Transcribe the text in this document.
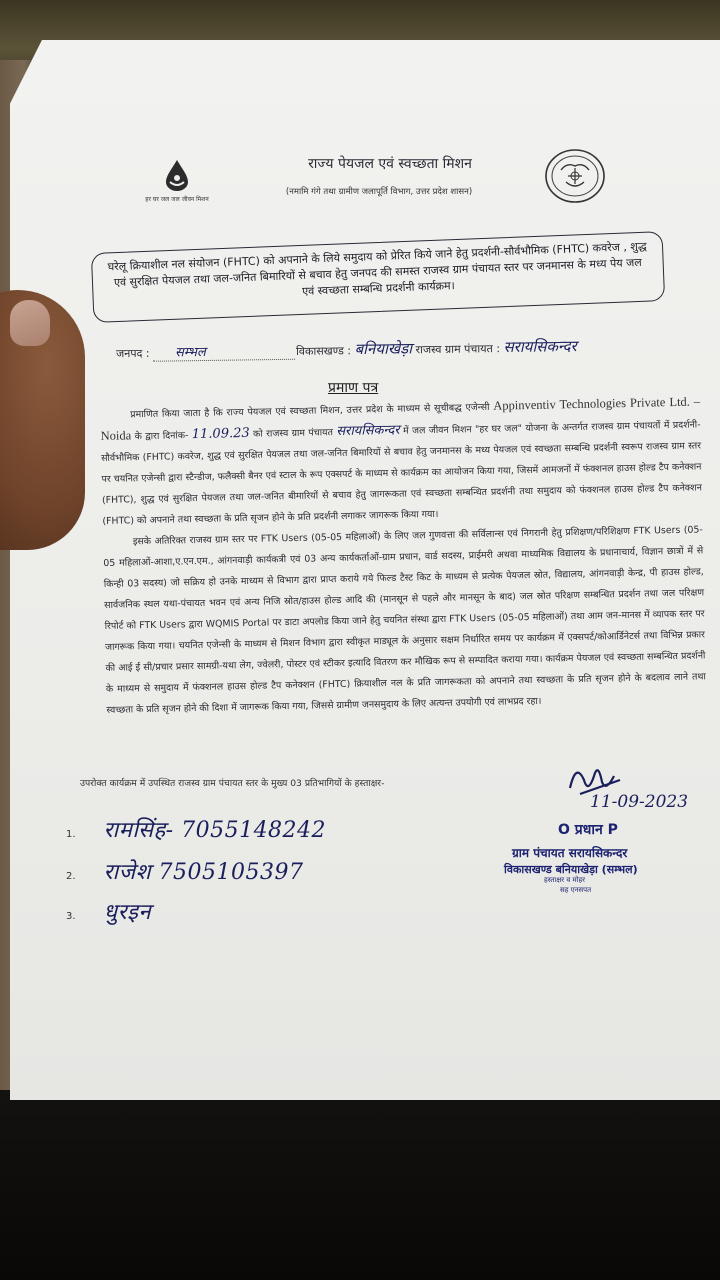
हर घर जल जल जीवन मिशन
राज्य पेयजल एवं स्वच्छता मिशन
(नमामि गंगे तथा ग्रामीण जलापूर्ति विभाग, उत्तर प्रदेश शासन)
घरेलू क्रियाशील नल संयोजन (FHTC) को अपनाने के लिये समुदाय को प्रेरित किये जाने हेतु प्रदर्शनी-सौर्वभौमिक (FHTC) कवरेज , शुद्ध एवं सुरक्षित पेयजल तथा जल-जनित बिमारियों से बचाव हेतु जनपद की समस्त राजस्व ग्राम पंचायत स्तर पर जनमानस के मध्य पेय जल एवं स्वच्छता सम्बन्धि प्रदर्शनी कार्यक्रम।
जनपद : सम्भल	विकासखण्ड : बनियाखेड़ा राजस्व ग्राम पंचायत : सरायसिकन्दर
प्रमाण पत्र

प्रमाणित किया जाता है कि राज्य पेयजल एवं स्वच्छता मिशन, उत्तर प्रदेश के माध्यम से सूचीबद्ध एजेन्सी Appinventiv Technologies Private Ltd. – Noida के द्वारा दिनांक- 11.09.23 को राजस्व ग्राम पंचायत सरायसिकन्दर में जल जीवन मिशन "हर घर जल" योजना के अन्तर्गत राजस्व ग्राम पंचायतों में प्रदर्शनी-सौर्वभौमिक (FHTC) कवरेज, शुद्ध एवं सुरक्षित पेयजल तथा जल-जनित बिमारियों से बचाव हेतु जनमानस के मध्य पेयजल एवं स्वच्छता सम्बन्धि प्रदर्शनी स्वरूप राजस्व ग्राम स्तर पर चयनित एजेन्सी द्वारा स्टैन्डीज, फलैक्सी बैनर एवं स्टाल के रूप एक्सपर्ट के माध्यम से कार्यक्रम का आयोजन किया गया, जिसमें आमजनों में फंक्शनल हाउस होल्ड टैप कनेक्शन (FHTC), शुद्ध एवं सुरक्षित पेयजल तथा जल-जनित बीमारियों से बचाव हेतु जागरूकता एवं स्वच्छता सम्बन्धित प्रदर्शनी तथा समुदाय को फंक्शनल हाउस होल्ड टैप कनेक्शन (FHTC) को अपनाने तथा स्वच्छता के प्रति सृजन होने के प्रति प्रदर्शनी लगाकर जागरूक किया गया।

इसके अतिरिक्त राजस्व ग्राम स्तर पर FTK Users (05-05 महिलाओं) के लिए जल गुणवत्ता की सर्विलान्स एवं निगरानी हेतु प्रशिक्षण/परिशिक्षण FTK Users (05-05 महिलाओं-आशा,ए.एन.एम., आंगनवाड़ी कार्यकत्री एवं 03 अन्य कार्यकर्ताओं-ग्राम प्रधान, वार्ड सदस्य, प्राईमरी अथवा माध्यमिक विद्यालय के प्रधानाचार्य, विज्ञान छात्रों में से किन्ही 03 सदस्य) जो सक्रिय हो उनके माध्यम से विभाग द्वारा प्राप्त कराये गये फिल्ड टैस्ट किट के माध्यम से प्रत्येक पेयजल स्रोत, विद्यालय, आंगनवाड़ी केन्द्र, पी हाउस होल्ड, सार्वजनिक स्थल यथा-पंचायत भवन एवं अन्य निजि स्रोत/हाउस होल्ड आदि की (मानसून से पहले और मानसून के बाद) जल स्रोत परिक्षण सम्बन्धित प्रदर्शन तथा जल परिक्षण रिपोर्ट को FTK Users द्वारा WQMIS Portal पर डाटा अपलोड किया जाने हेतु चयनित संस्था द्वारा FTK Users (05-05 महिलाओं) तथा आम जन-मानस में व्यापक स्तर पर जागरूक किया गया। चयनित एजेन्सी के माध्यम से मिशन विभाग द्वारा स्वीकृत माड्यूल के अनुसार सक्षम निर्धारित समय पर कार्यक्रम में एक्सपर्ट/कोआर्डिनेटर्स तथा विभिन्न प्रकार की आई ई सी/प्रचार प्रसार सामग्री-यथा लेग, ज्वेलरी, पोस्टर एवं स्टीकर इत्यादि वितरण कर मौखिक रूप से सम्पादित कराया गया। कार्यक्रम पेयजल एवं स्वच्छता सम्बन्धित प्रदर्शनी के माध्यम से समुदाय में फंक्शनल हाउस होल्ड टैप कनेक्शन (FHTC) क्रियाशील नल के प्रति जागरूकता को अपनाने तथा स्वच्छता के प्रति सृजन होने के बदलाव लाने तथा स्वच्छता के प्रति सृजन होने की दिशा में जागरूक किया गया, जिससे ग्रामीण जनसमुदाय के लिए अत्यन्त उपयोगी एवं लाभप्रद रहा।

उपरोक्त कार्यक्रम में उपस्थित राजस्व ग्राम पंचायत स्तर के मुख्य 03 प्रतिभागियों के हस्ताक्षर-
1. रामसिंह- 7055148242
2. राजेश 7505105397
3. धुरइन
11-09-2023
O प्रधान P
ग्राम पंचायत सरायसिकन्दर
विकासखण्ड बनियाखेड़ा (सम्भल)
हस्ताक्षर व मोहर
सह एनसपत
